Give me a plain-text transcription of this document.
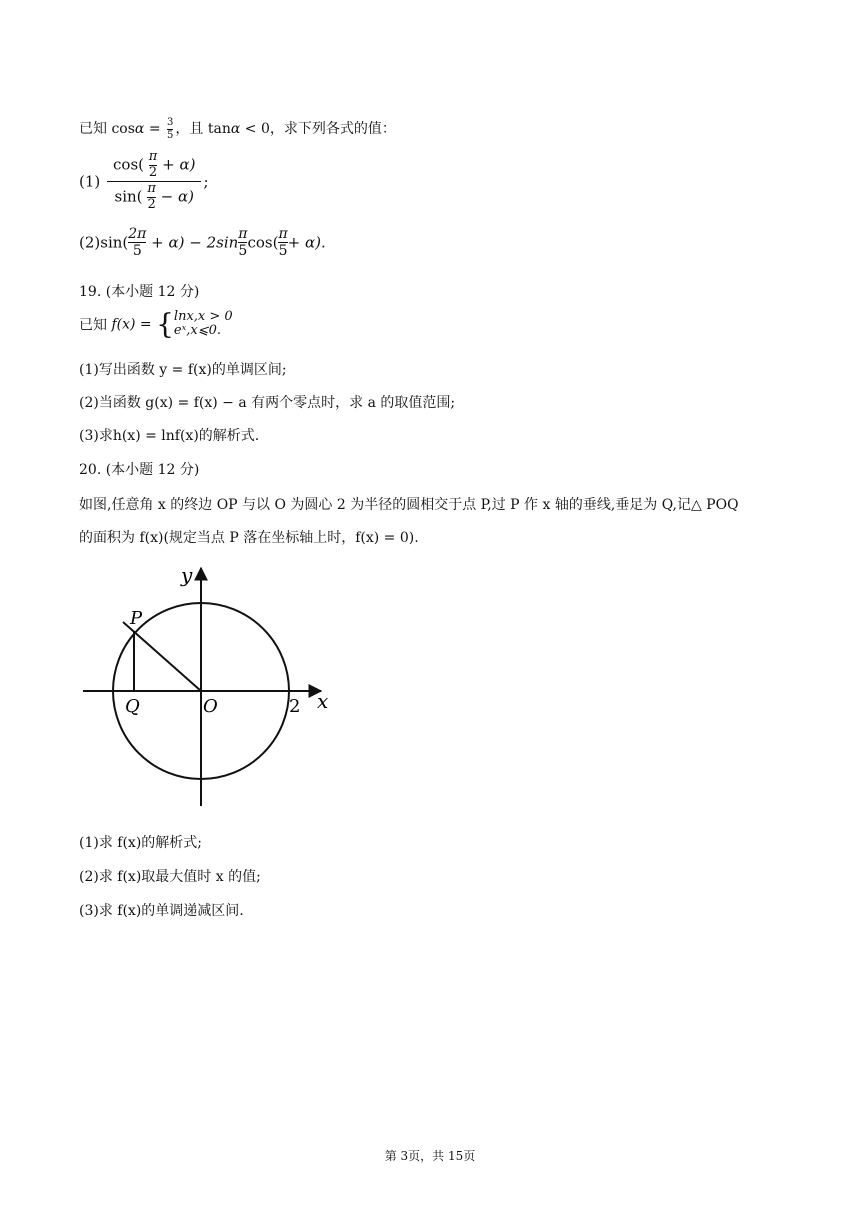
已知 $\cos\alpha = \frac{3}{5}$ ，且 tanα < 0，求下列各式的值：
$(1) \frac{\cos( \frac{\pi}{2} + \alpha)}{\sin( \frac{\pi}{2} - \alpha)}$ ;
$(2)\sin( \frac{2\pi}{5} + \alpha) - 2\sin \frac{\pi}{5} \cos( \frac{\pi}{5} + \alpha)$.
19. (本小题 12 分)
已知 f(x) = { lnx,x > 0
eˣ,x⩽0.
(1)写出函数 y = f(x)的单调区间;
(2)当函数 g(x) = f(x) − a 有两个零点时，求 a 的取值范围;
(3)求h(x) = lnf(x)的解析式.
20. (本小题 12 分)
如图,任意角 x 的终边 OP 与以 O 为圆心 2 为半径的圆相交于点 P,过 P 作 x 轴的垂线,垂足为 Q,记△ POQ
的面积为 f(x)(规定当点 P 落在坐标轴上时，f(x) = 0).
y
x
P
Q	O	2
(1)求 f(x)的解析式;
(2)求 f(x)取最大值时 x 的值;
(3)求 f(x)的单调递减区间.
第 3页，共 15页
